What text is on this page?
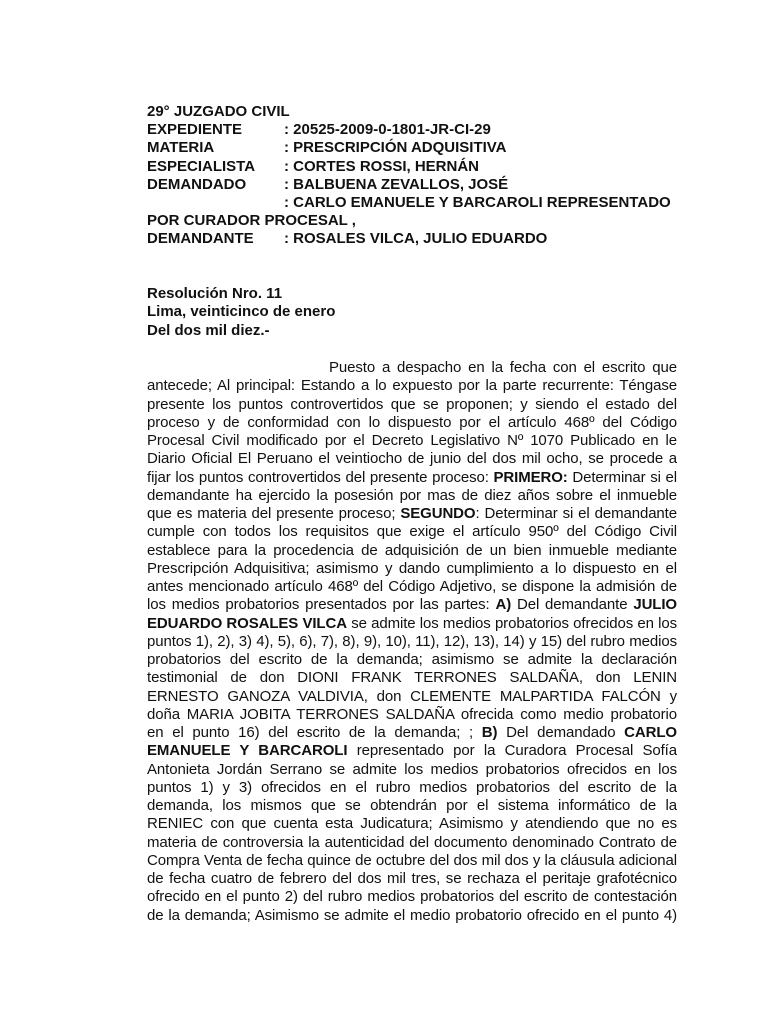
29° JUZGADO CIVIL
EXPEDIENTE	: 20525-2009-0-1801-JR-CI-29
MATERIA	: PRESCRIPCIÓN ADQUISITIVA
ESPECIALISTA	: CORTES ROSSI, HERNÁN
DEMANDADO	: BALBUENA ZEVALLOS, JOSÉ
: CARLO EMANUELE Y BARCAROLI REPRESENTADO
POR CURADOR PROCESAL ,
DEMANDANTE	: ROSALES VILCA, JULIO EDUARDO
Resolución Nro. 11
Lima, veinticinco de enero
Del dos mil diez.-
Puesto a despacho en la fecha con el escrito que
antecede; Al principal: Estando a lo expuesto por la parte recurrente: Téngase
presente los puntos controvertidos que se proponen; y siendo el estado del
proceso y de conformidad con lo dispuesto por el artículo 468º del Código
Procesal Civil modificado por el Decreto Legislativo Nº 1070 Publicado en le
Diario Oficial El Peruano el veintiocho de junio del dos mil ocho, se procede a
fijar los puntos controvertidos del presente proceso: PRIMERO: Determinar si el
demandante ha ejercido la posesión por mas de diez años sobre el inmueble
que es materia del presente proceso; SEGUNDO: Determinar si el demandante
cumple con todos los requisitos que exige el artículo 950º del Código Civil
establece para la procedencia de adquisición de un bien inmueble mediante
Prescripción Adquisitiva; asimismo y dando cumplimiento a lo dispuesto en el
antes mencionado artículo 468º del Código Adjetivo, se dispone la admisión de
los medios probatorios presentados por las partes: A) Del demandante JULIO
EDUARDO ROSALES VILCA se admite los medios probatorios ofrecidos en los
puntos 1), 2), 3) 4), 5), 6), 7), 8), 9), 10), 11), 12), 13), 14) y 15) del rubro medios
probatorios del escrito de la demanda; asimismo se admite la declaración
testimonial de don DIONI FRANK TERRONES SALDAÑA, don LENIN
ERNESTO GANOZA VALDIVIA, don CLEMENTE MALPARTIDA FALCÓN y
doña MARIA JOBITA TERRONES SALDAÑA ofrecida como medio probatorio
en el punto 16) del escrito de la demanda; ; B) Del demandado CARLO
EMANUELE Y BARCAROLI representado por la Curadora Procesal Sofía
Antonieta Jordán Serrano se admite los medios probatorios ofrecidos en los
puntos 1) y 3) ofrecidos en el rubro medios probatorios del escrito de la
demanda, los mismos que se obtendrán por el sistema informático de la
RENIEC con que cuenta esta Judicatura; Asimismo y atendiendo que no es
materia de controversia la autenticidad del documento denominado Contrato de
Compra Venta de fecha quince de octubre del dos mil dos y la cláusula adicional
de fecha cuatro de febrero del dos mil tres, se rechaza el peritaje grafotécnico
ofrecido en el punto 2) del rubro medios probatorios del escrito de contestación
de la demanda; Asimismo se admite el medio probatorio ofrecido en el punto 4)
